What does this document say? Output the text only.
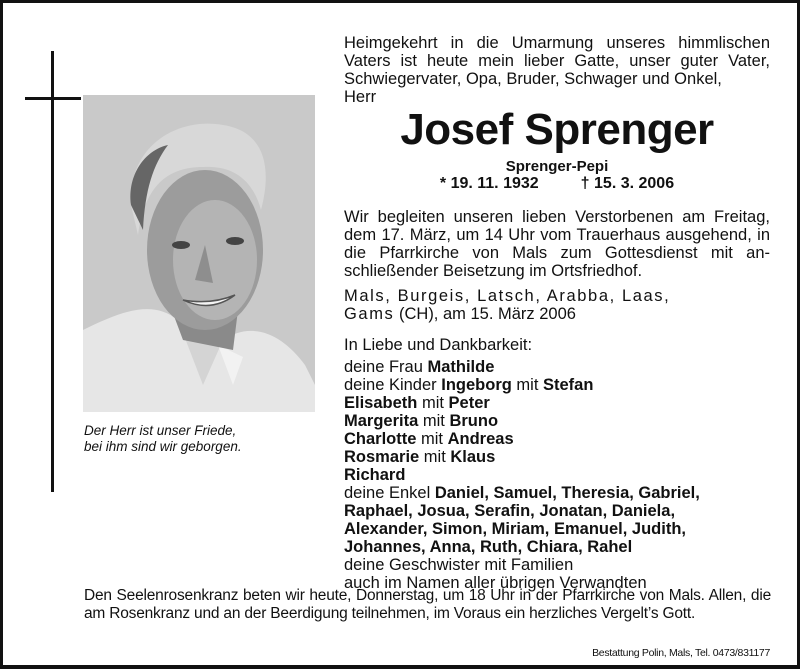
Der Herr ist unser Friede,
bei ihm sind wir geborgen.
Heimgekehrt in die Umarmung unseres himmlischen Vaters ist heute mein lieber Gatte, unser guter Vater, Schwiegervater, Opa, Bruder, Schwager und Onkel,
Herr
Josef Sprenger
Sprenger-Pepi
* 19. 11. 1932	† 15. 3. 2006
Wir begleiten unseren lieben Verstorbenen am Freitag, dem 17. März, um 14 Uhr vom Trauerhaus ausgehend, in die Pfarrkirche von Mals zum Gottesdienst mit an-schließender Beisetzung im Ortsfriedhof.
Mals, Burgeis, Latsch, Arabba, Laas,
Gams (CH), am 15. März 2006
In Liebe und Dankbarkeit:
deine Frau Mathilde
deine Kinder Ingeborg mit Stefan
Elisabeth mit Peter
Margerita mit Bruno
Charlotte mit Andreas
Rosmarie mit Klaus
Richard
deine Enkel Daniel, Samuel, Theresia, Gabriel,
Raphael, Josua, Serafin, Jonatan, Daniela,
Alexander, Simon, Miriam, Emanuel, Judith,
Johannes, Anna, Ruth, Chiara, Rahel
deine Geschwister mit Familien
auch im Namen aller übrigen Verwandten
Den Seelenrosenkranz beten wir heute, Donnerstag, um 18 Uhr in der Pfarrkirche von Mals. Allen, die am Rosenkranz und an der Beerdigung teilnehmen, im Voraus ein herzliches Vergelt’s Gott.
Bestattung Polin, Mals, Tel. 0473/831177
